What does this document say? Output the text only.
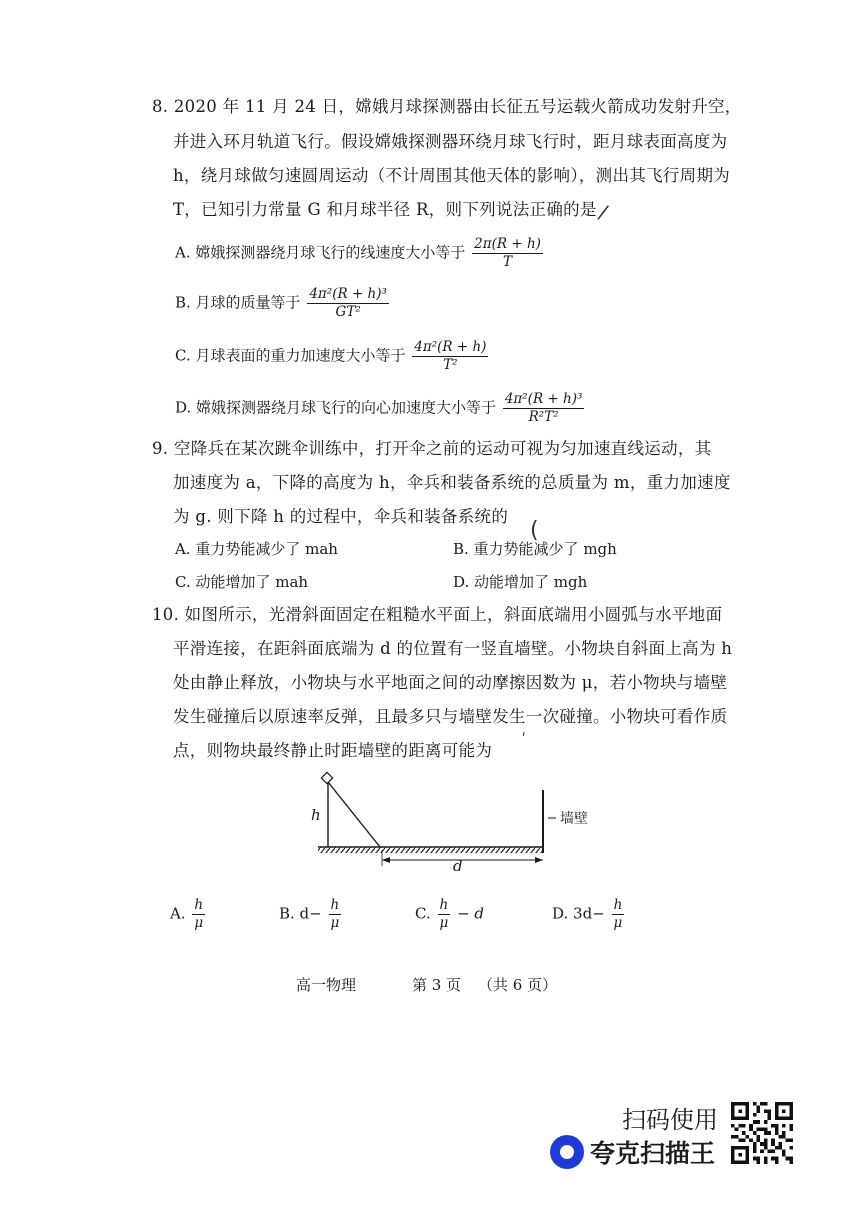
8. 2020 年 11 月 24 日，嫦娥月球探测器由长征五号运载火箭成功发射升空，
并进入环月轨道飞行。假设嫦娥探测器环绕月球飞行时，距月球表面高度为
h，绕月球做匀速圆周运动（不计周围其他天体的影响），测出其飞行周期为
T，已知引力常量 G 和月球半径 R，则下列说法正确的是 /
A. 嫦娥探测器绕月球飞行的线速度大小等于 $\frac{2\pi(R + h)}{T}$
B. 月球的质量等于 $\frac{\text{4π²(R + h)³}}{\text{GT²}}$
C. 月球表面的重力加速度大小等于 $\frac{\text{4π²(R + h)}}{\text{T²}}$
D. 嫦娥探测器绕月球飞行的向心加速度大小等于 $\frac{\text{4π²(R + h)³}}{\text{R²T²}}$
9. 空降兵在某次跳伞训练中，打开伞之前的运动可视为匀加速直线运动，其
加速度为 a，下降的高度为 h，伞兵和装备系统的总质量为 m，重力加速度
为 g. 则下降 h 的过程中，伞兵和装备系统的
(
A. 重力势能减少了 mah	B. 重力势能减少了 mgh
C. 动能增加了 mah	D. 动能增加了 mgh
10. 如图所示，光滑斜面固定在粗糙水平面上，斜面底端用小圆弧与水平地面
平滑连接，在距斜面底端为 d 的位置有一竖直墙壁。小物块自斜面上高为 h
处由静止释放，小物块与水平地面之间的动摩擦因数为 μ，若小物块与墙壁
发生碰撞后以原速率反弹，且最多只与墙壁发生一次碰撞。小物块可看作质
点，则物块最终静止时距墙壁的距离可能为
ˊ
h
d
墙壁
A. $\frac{h}{\mu}$	B. $d- \frac{h}{\mu}$	C. $\frac{h}{\mu} - d$	D. $3d- \frac{h}{\mu}$
高一物理	第 3 页 （共 6 页）
扫码使用
夸克扫描王
